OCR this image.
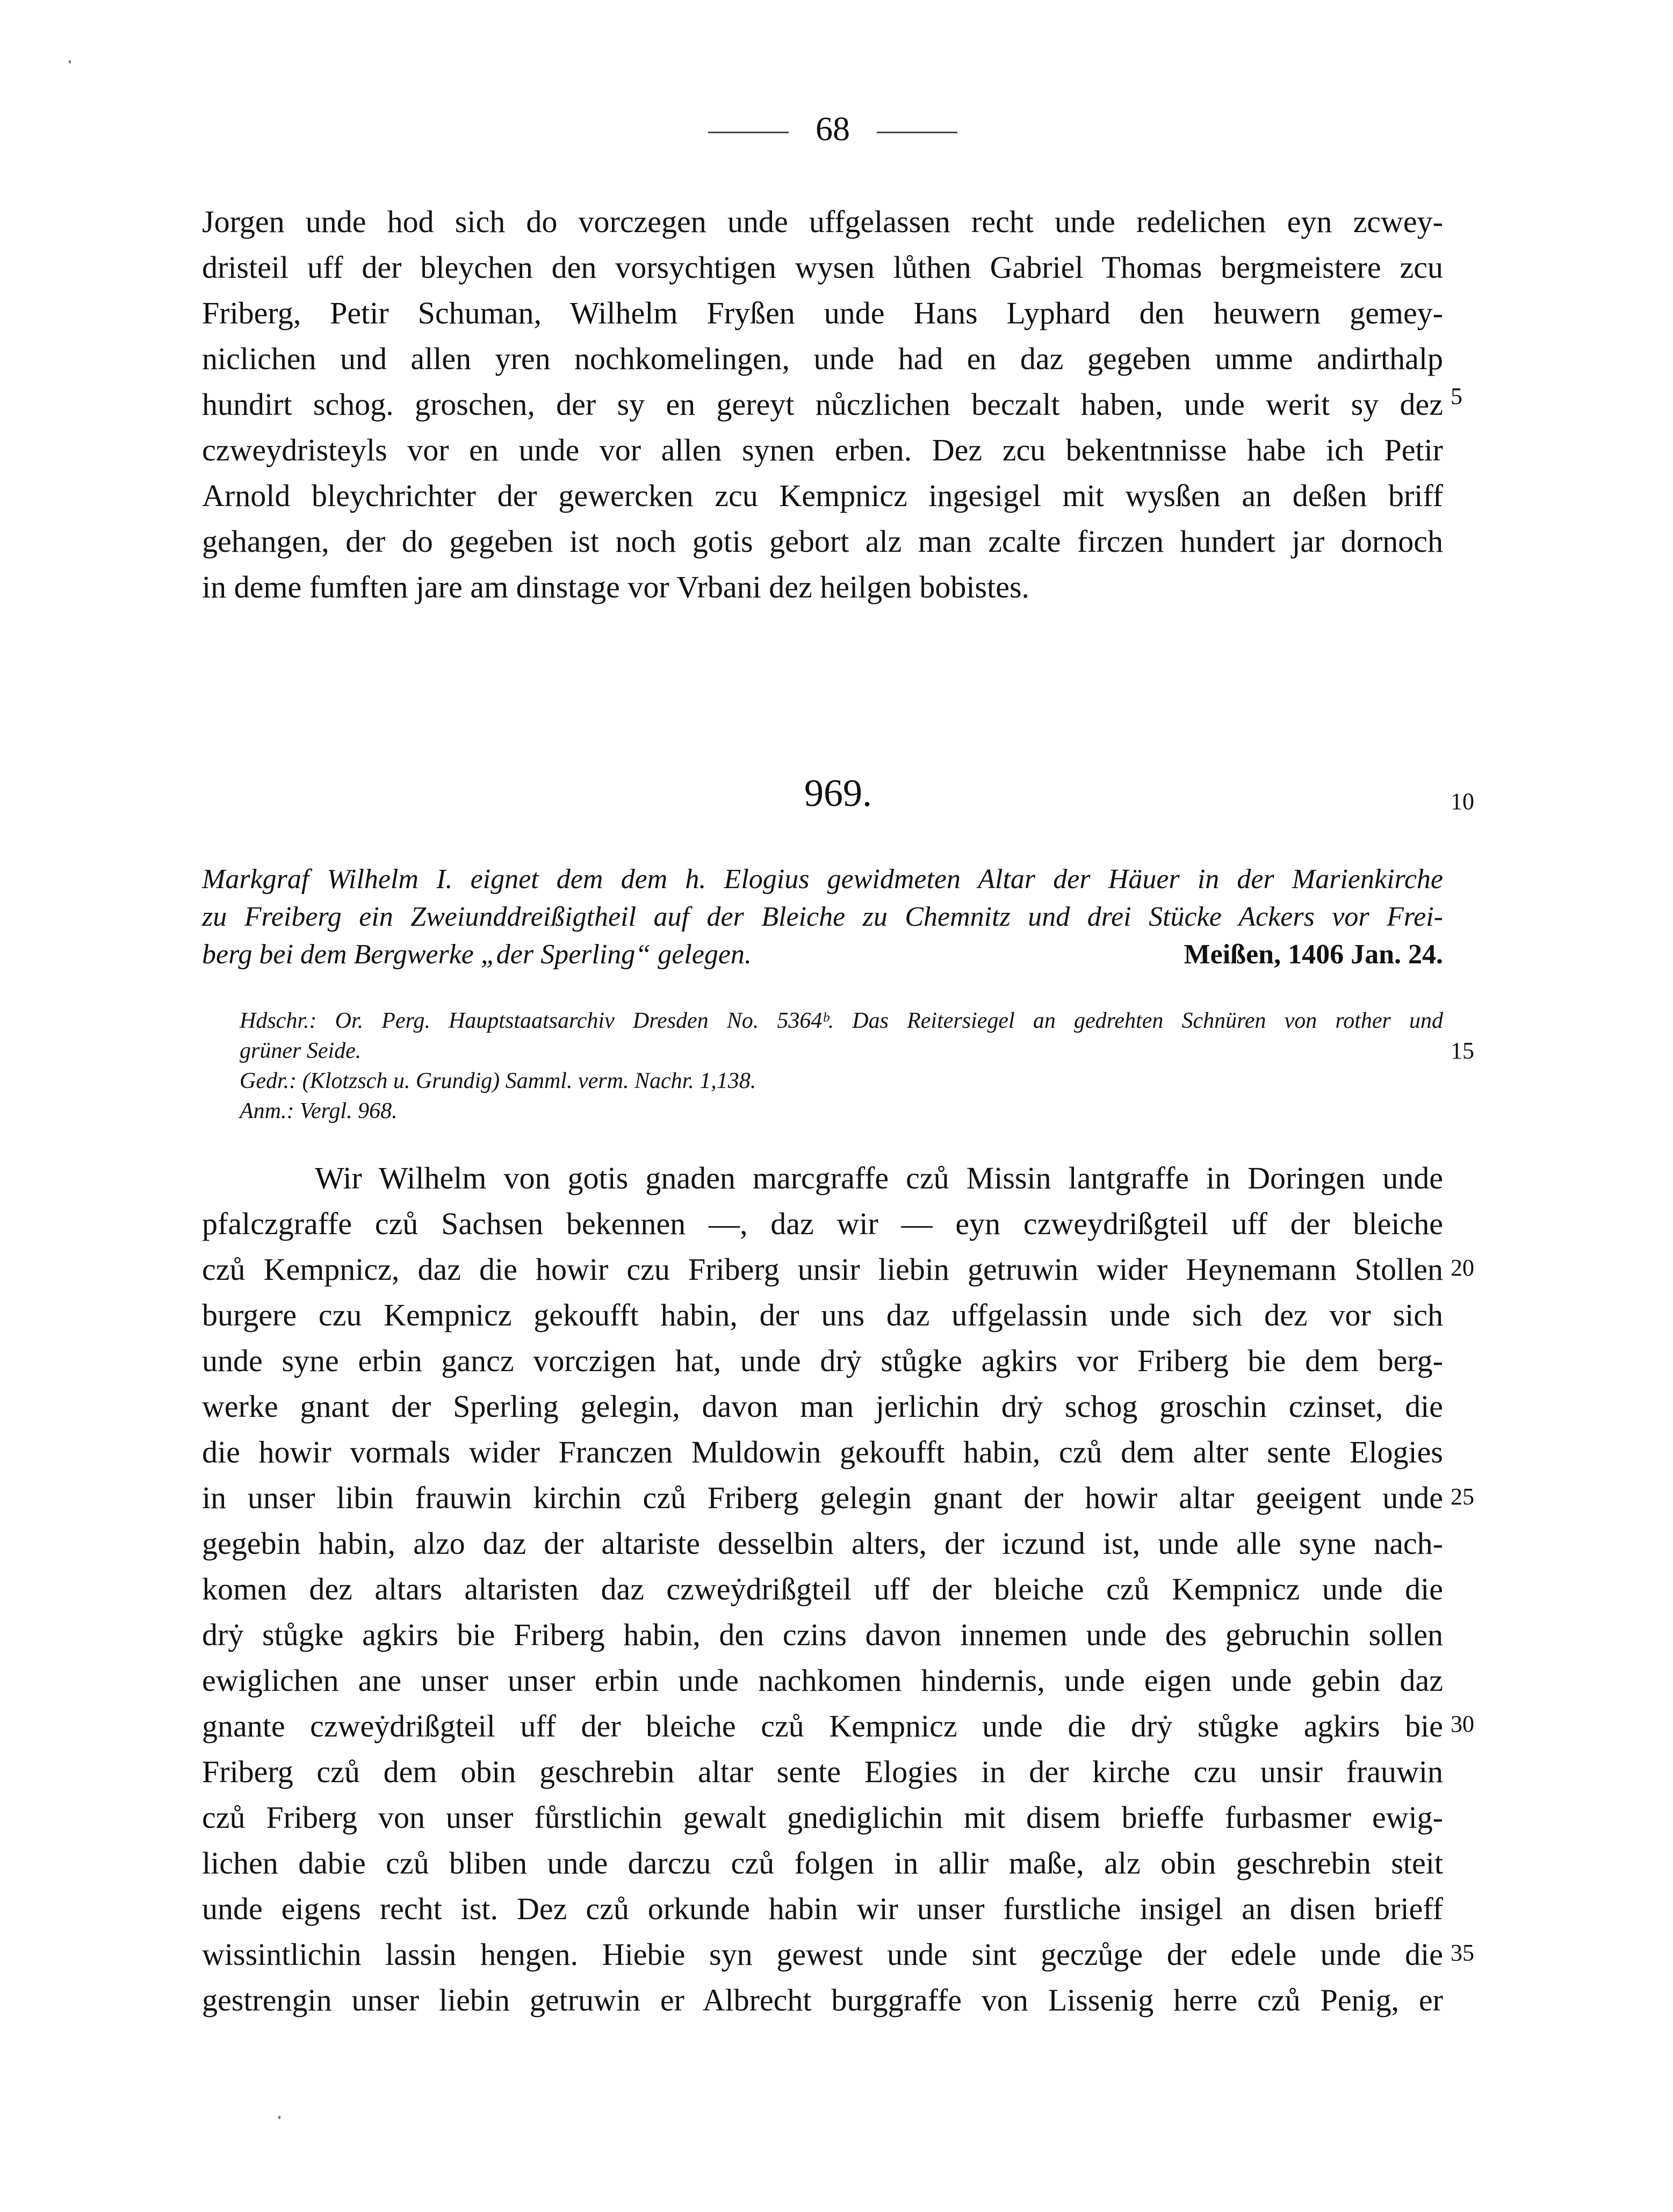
68
Jorgen unde hod sich do vorczegen unde uffgelassen recht unde redelichen eyn zcwey-
dristeil uff der bleychen den vorsychtigen wysen lůthen Gabriel Thomas bergmeistere zcu
Friberg, Petir Schuman, Wilhelm Fryßen unde Hans Lyphard den heuwern gemey-
niclichen und allen yren nochkomelingen, unde had en daz gegeben umme andirthalp
hundirt schog. groschen, der sy en gereyt nůczlichen beczalt haben, unde werit sy dez
czweydristeyls vor en unde vor allen synen erben. Dez zcu bekentnnisse habe ich Petir
Arnold bleychrichter der gewercken zcu Kempnicz ingesigel mit wysßen an deßen briff
gehangen, der do gegeben ist noch gotis gebort alz man zcalte firczen hundert jar dornoch
in deme fumften jare am dinstage vor Vrbani dez heilgen bobistes.
969.
Markgraf Wilhelm I. eignet dem dem h. Elogius gewidmeten Altar der Häuer in der Marienkirche
zu Freiberg ein Zweiunddreißigtheil auf der Bleiche zu Chemnitz und drei Stücke Ackers vor Frei-
berg bei dem Bergwerke „der Sperling“ gelegen.	Meißen, 1406 Jan. 24.
Hdschr.: Or. Perg. Hauptstaatsarchiv Dresden No. 5364ᵇ. Das Reitersiegel an gedrehten Schnüren von rother und
grüner Seide.
Gedr.: (Klotzsch u. Grundig) Samml. verm. Nachr. 1,138.
Anm.: Vergl. 968.
Wir Wilhelm von gotis gnaden marcgraffe czů Missin lantgraffe in Doringen unde
pfalczgraffe czů Sachsen bekennen —, daz wir — eyn czweydrißgteil uff der bleiche
czů Kempnicz, daz die howir czu Friberg unsir liebin getruwin wider Heynemann Stollen
burgere czu Kempnicz gekoufft habin, der uns daz uffgelassin unde sich dez vor sich
unde syne erbin gancz vorczigen hat, unde drẏ stůgke agkirs vor Friberg bie dem berg-
werke gnant der Sperling gelegin, davon man jerlichin drẏ schog groschin czinset, die
die howir vormals wider Franczen Muldowin gekoufft habin, czů dem alter sente Elogies
in unser libin frauwin kirchin czů Friberg gelegin gnant der howir altar geeigent unde
gegebin habin, alzo daz der altariste desselbin alters, der iczund ist, unde alle syne nach-
komen dez altars altaristen daz czweẏdrißgteil uff der bleiche czů Kempnicz unde die
drẏ stůgke agkirs bie Friberg habin, den czins davon innemen unde des gebruchin sollen
ewiglichen ane unser unser erbin unde nachkomen hindernis, unde eigen unde gebin daz
gnante czweẏdrißgteil uff der bleiche czů Kempnicz unde die drẏ stůgke agkirs bie
Friberg czů dem obin geschrebin altar sente Elogies in der kirche czu unsir frauwin
czů Friberg von unser fůrstlichin gewalt gnediglichin mit disem brieffe furbasmer ewig-
lichen dabie czů bliben unde darczu czů folgen in allir maße, alz obin geschrebin steit
unde eigens recht ist. Dez czů orkunde habin wir unser furstliche insigel an disen brieff
wissintlichin lassin hengen. Hiebie syn gewest unde sint geczůge der edele unde die
gestrengin unser liebin getruwin er Albrecht burggraffe von Lissenig herre czů Penig, er
5
10
15
20
25
30
35
